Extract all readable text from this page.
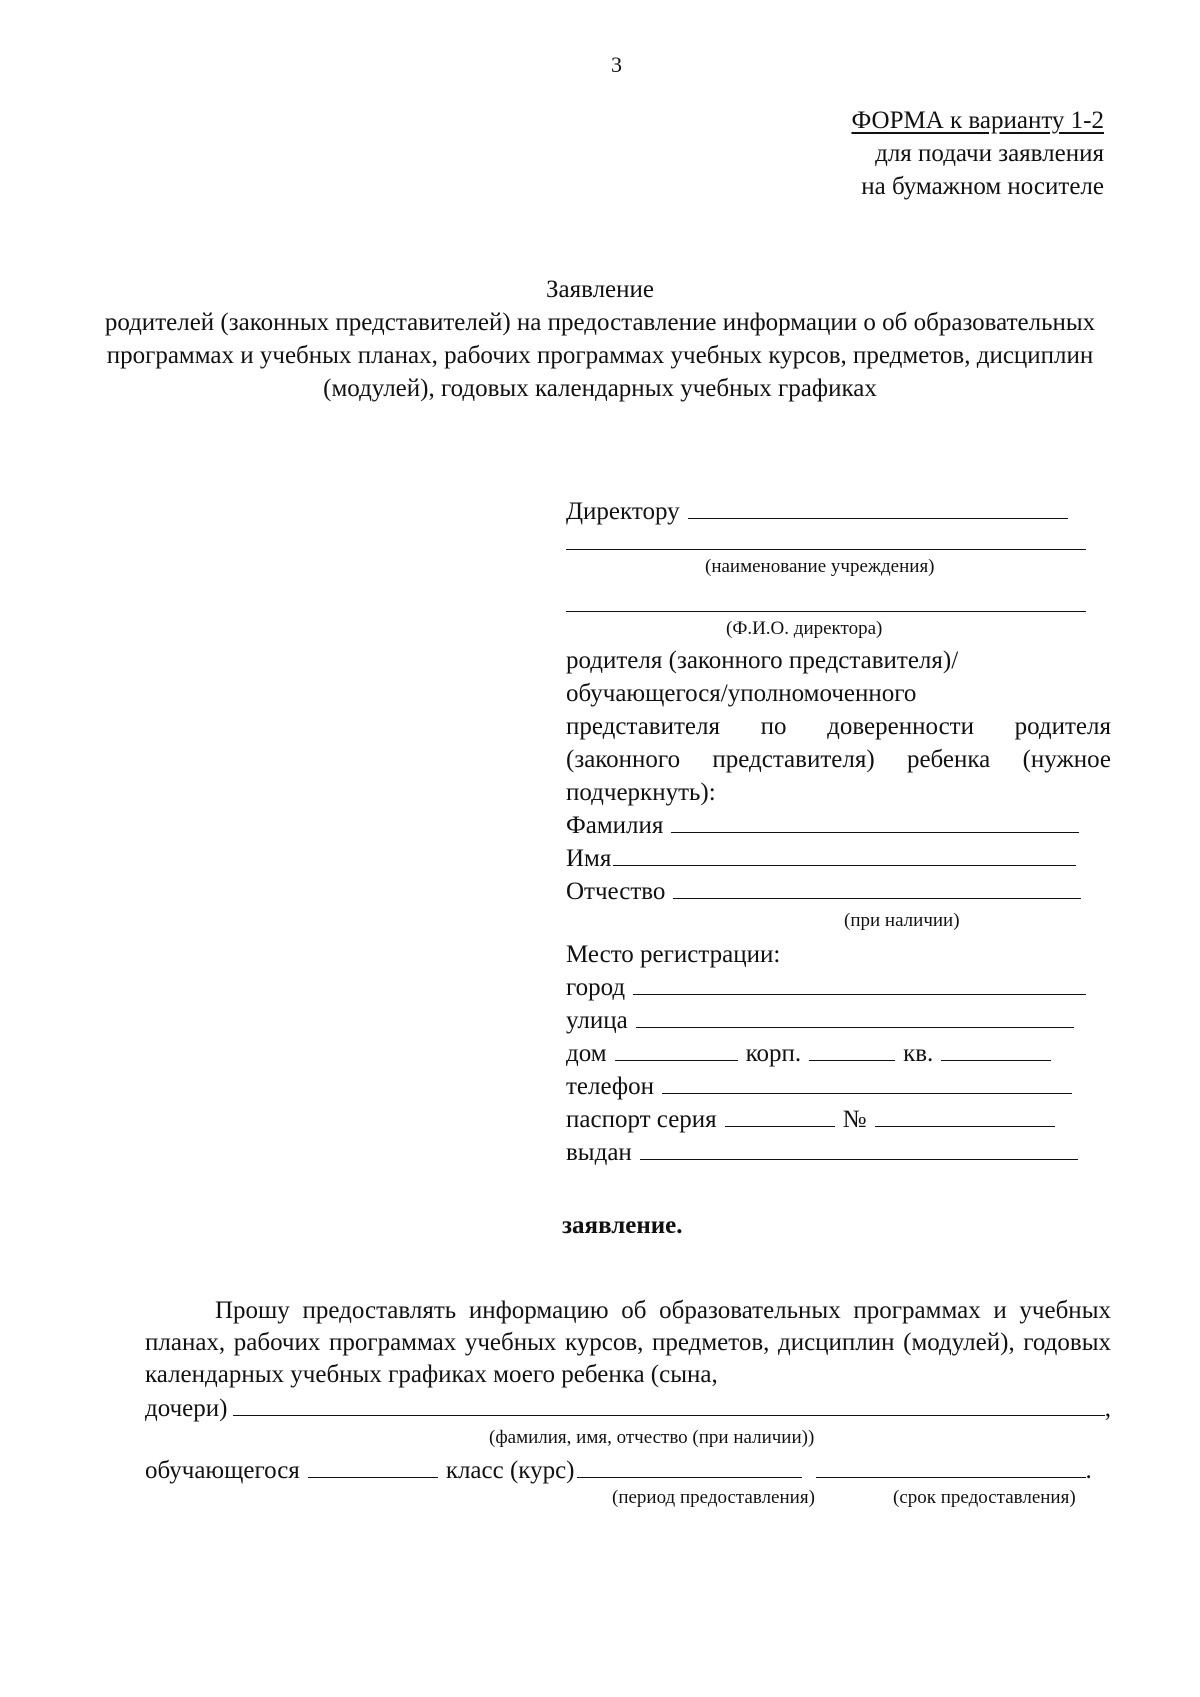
3
ФОРМА к варианту 1-2
для подачи заявления
на бумажном носителе
Заявление
родителей (законных представителей) на предоставление информации о об образовательных программах и учебных планах, рабочих программах учебных курсов, предметов, дисциплин (модулей), годовых календарных учебных графиках
Директору
(наименование учреждения)
(Ф.И.О. директора)

родителя (законного представителя)/

обучающегося/уполномоченного

представителя по доверенности родителя (законного представителя) ребенка (нужное подчеркнуть):

Фамилия
Имя
Отчество
(при наличии)
Место регистрации:
город
улица
дом	корп.	кв.
телефон
паспорт серия	№
выдан
заявление.

Прошу предоставлять информацию об образовательных программах и учебных планах, рабочих программах учебных курсов, предметов, дисциплин (модулей), годовых календарных учебных графиках моего ребенка (сына,

дочери)	,
(фамилия, имя, отчество (при наличии))
обучающегося	класс (курс)	.
(период предоставления)	(срок предоставления)
